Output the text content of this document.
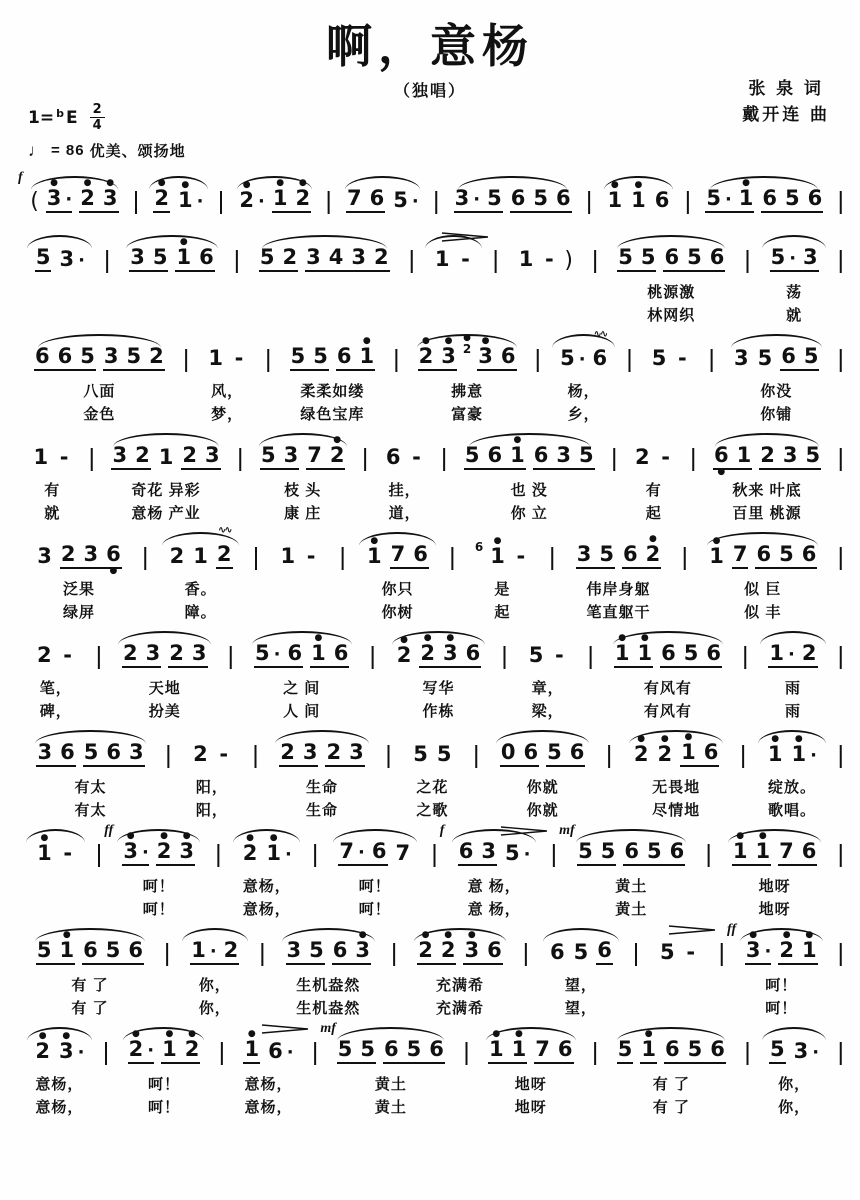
啊，意杨
（独唱）	张 泉 词
戴开连 曲
1=$^b$ E $\frac{2}{4}$
♩ = 86 优美、颂扬地
f
( 3
●
· 2
●
3
●
| 2
●
1
●
· | 2
●
· 1
●
2
●
| 7 6 5 · | 3 · 5 6 5 6 | 1
●
1
●
6 | 5 · 1
●
6 5 6 |
5 3 ·

| 3 5 1
●
6

| 5 2 3 4 3 2

| 1 -

| 1 - )

| 5 5 6 5 6
桃源激
林网织
| 5 · 3
荡
就
|
6 6 5 3 5 2
八面
金色
| 1 -
风，
梦，
| 5 5 6 1
●
柔柔如缕
绿色宝库
| 2
●
3
●
2
●
3
●
6
拂意
富豪
| 5 · 6
∿∿
杨，
乡，
| 5 -

| 3 5 6 5
你没
你铺
|
1 -
有
就
| 3 2 1 2 3
奇花 异彩
意杨 产业
| 5 3 7 2
●
枝 头
康 庄
| 6 -
挂，
道，
| 5 6 1
●
6 3 5
也 没
你 立
| 2 -
有
起
| 6
●
1 2 3 5
秋来 叶底
百里 桃源
|
3 2 3 6
●
泛果
绿屏
| 2 1 2
∿∿
香。
障。
| 1 -

| 1
●
7 6
你只
你树
| 6 1
●
-
是
起
| 3 5 6 2
●
伟岸身躯
笔直躯干
| 1
●
7 6 5 6
似 巨
似 丰
|
2 -
笔，
碑，
| 2 3 2 3
天地
扮美
| 5 · 6 1
●
6
之 间
人 间
| 2
●
2
●
3
●
6
写华
作栋
| 5 -
章，
梁，
| 1
●
1
●
6 5 6
有风有
有风有
| 1 · 2
雨
雨
|
3 6 5 6 3
有太
有太
| 2 -
阳，
阳，
| 2 3 2 3
生命
生命
| 5 5
之花
之歌
| 0 6 5 6
你就
你就
| 2
●
2
●
1
●
6
无畏地
尽情地
| 1
●
1
●
·
绽放。
歌唱。
|
1
●
-

|
ff
3
●
· 2
●
3
●
呵！
呵！
| 2
●
1
●
·
意杨，
意杨，
| 7 · 6 7
呵！
呵！
|
f
6 3 5 ·
意 杨，
意 杨，
|
mf
5 5 6 5 6
黄土
黄土
| 1
●
1
●
7 6
地呀
地呀
|
5 1
●
6 5 6
有 了
有 了
| 1 · 2
你，
你，
| 3 5 6 3
●
生机盎然
生机盎然
| 2
●
2
●
3
●
6
充满希
充满希
| 6 5 6
望，
望，
| 5 -

|
ff
3
●
· 2
●
1
●
呵！
呵！
|
2
●
3
●
·
意杨，
意杨，
| 2
●
· 1
●
2
●
呵！
呵！
| 1
●
6 ·
意杨，
意杨，
|
mf
5 5 6 5 6
黄土
黄土
| 1
●
1
●
7 6
地呀
地呀
| 5 1
●
6 5 6
有 了
有 了
| 5 3 ·
你，
你，
|
